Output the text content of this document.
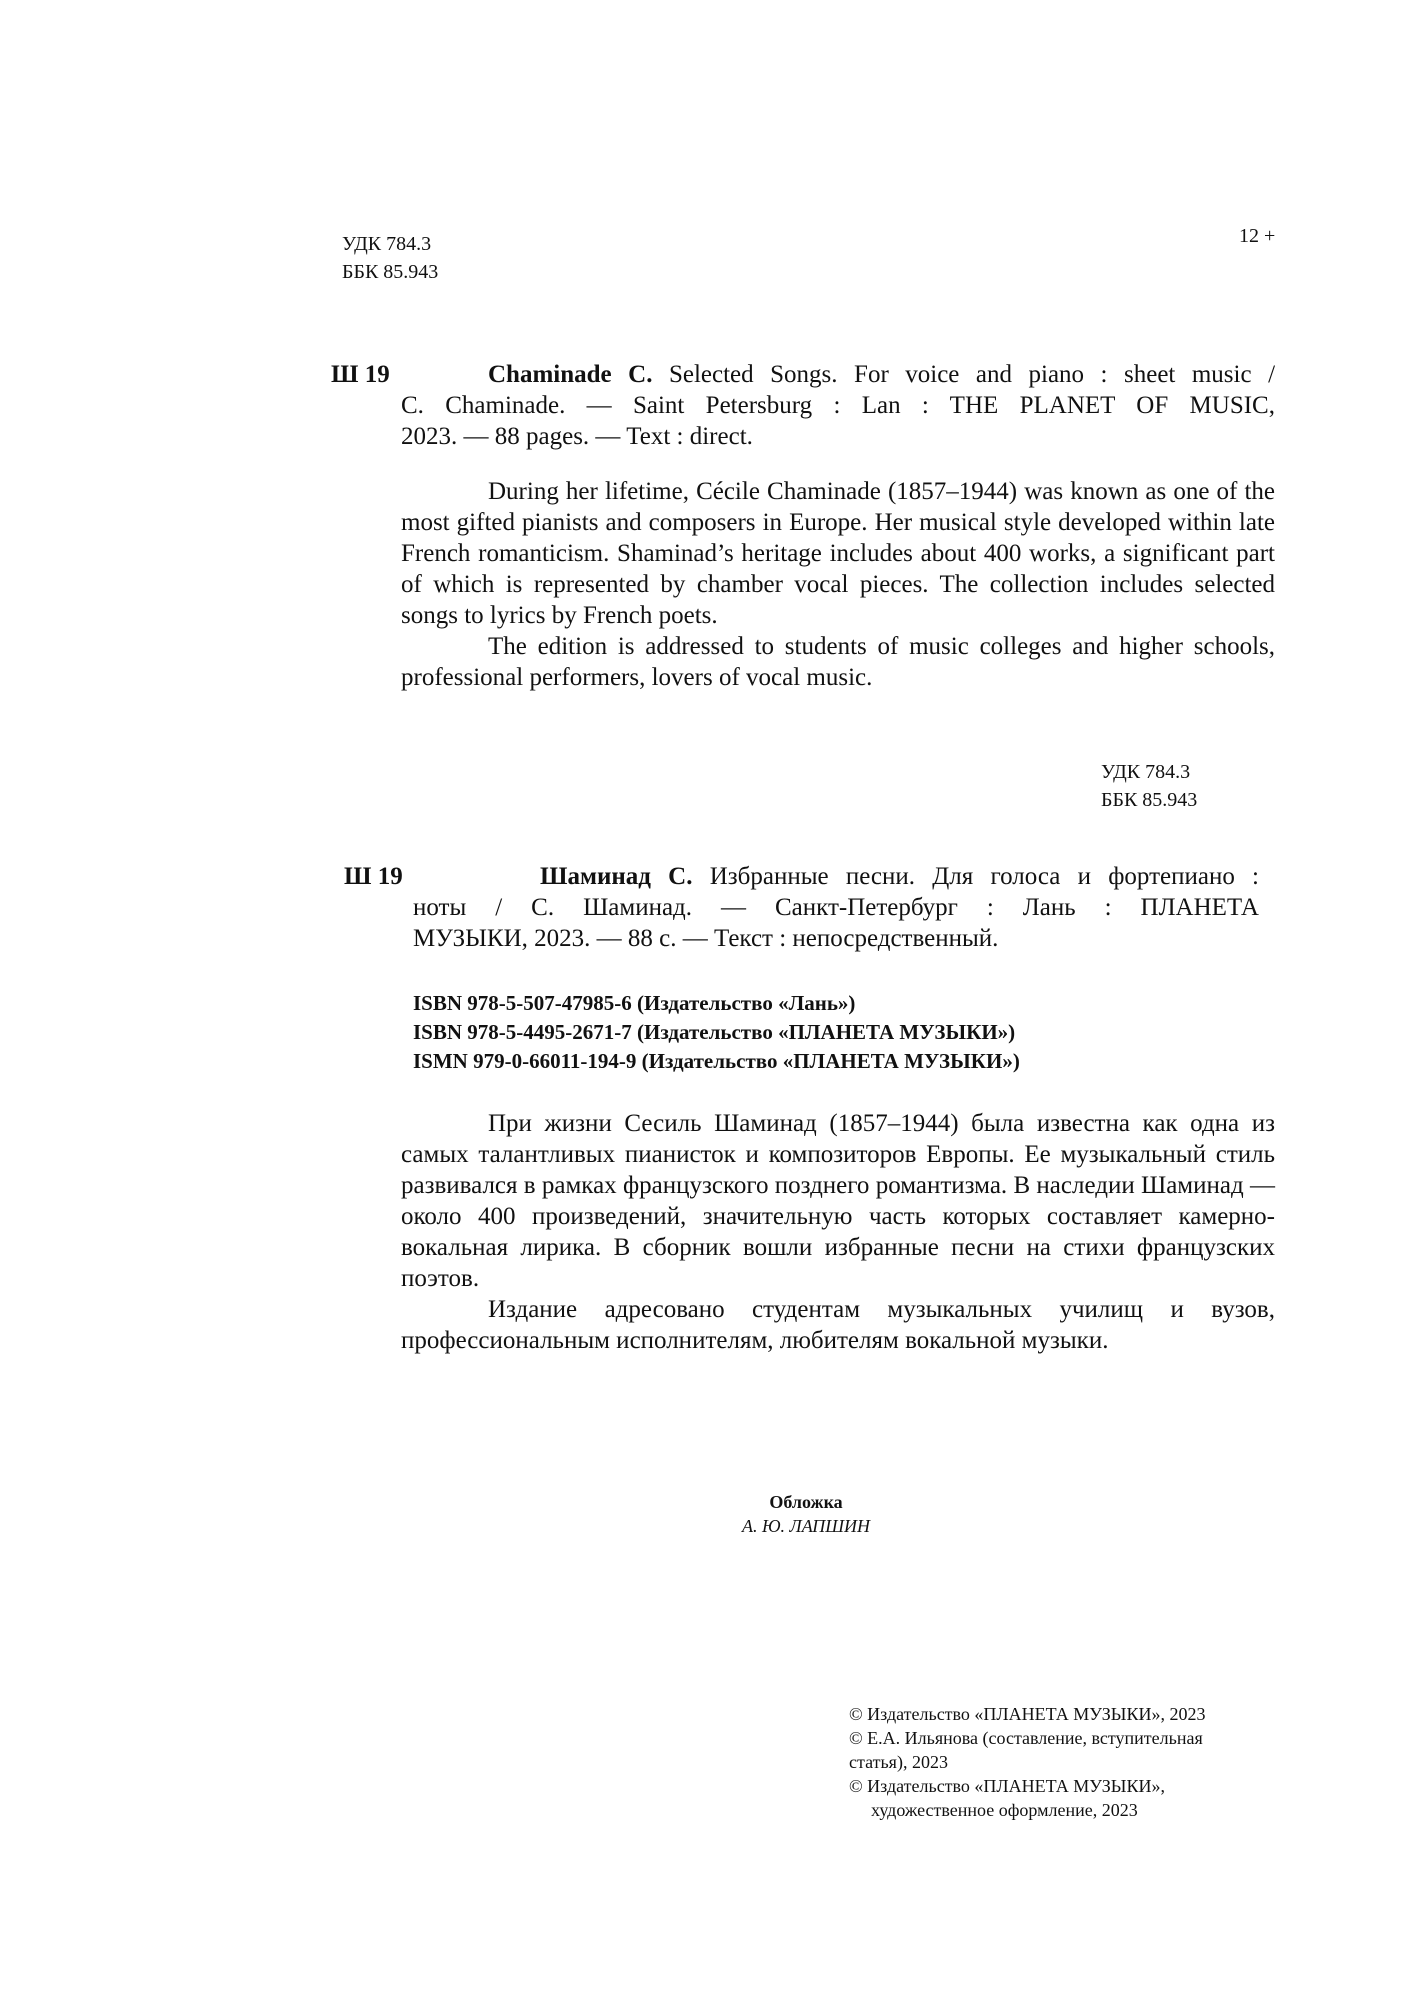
УДК 784.3
ББК 85.943
12 +
Ш 19	Chaminade C. Selected Songs. For voice and piano : sheet music /
C. Chaminade. — Saint Petersburg : Lan : THE PLANET OF MUSIC,
2023. — 88 pages. — Text : direct.
During her lifetime, Cécile Chaminade (1857–1944) was known as one of the most gifted pianists and composers in Europe. Her musical style developed within late French romanticism. Shaminad’s heritage includes about 400 works, a significant part of which is represented by chamber vocal pieces. The collection includes selected songs to lyrics by French poets.
The edition is addressed to students of music colleges and higher schools, professional performers, lovers of vocal music.
УДК 784.3
ББК 85.943
Ш 19	Шаминад С. Избранные песни. Для голоса и фортепиано :
ноты / С. Шаминад. — Санкт-Петербург : Лань : ПЛАНЕТА
МУЗЫКИ, 2023. — 88 с. — Текст : непосредственный.
ISBN 978-5-507-47985-6 (Издательство «Лань»)
ISBN 978-5-4495-2671-7 (Издательство «ПЛАНЕТА МУЗЫКИ»)
ISMN 979-0-66011-194-9 (Издательство «ПЛАНЕТА МУЗЫКИ»)
При жизни Сесиль Шаминад (1857–1944) была известна как одна из самых талантливых пианисток и композиторов Европы. Ее музыкальный стиль развивался в рамках французского позднего романтизма. В наследии Шаминад — около 400 произведений, значительную часть которых составляет камерно-вокальная лирика. В сборник вошли избранные песни на стихи французских поэтов.
Издание адресовано студентам музыкальных училищ и вузов, профессиональным исполнителям, любителям вокальной музыки.
Обложка
А. Ю. ЛАПШИН
© Издательство «ПЛАНЕТА МУЗЫКИ», 2023
© Е.А. Ильянова (составление, вступительная статья), 2023
© Издательство «ПЛАНЕТА МУЗЫКИ», художественное оформление, 2023
